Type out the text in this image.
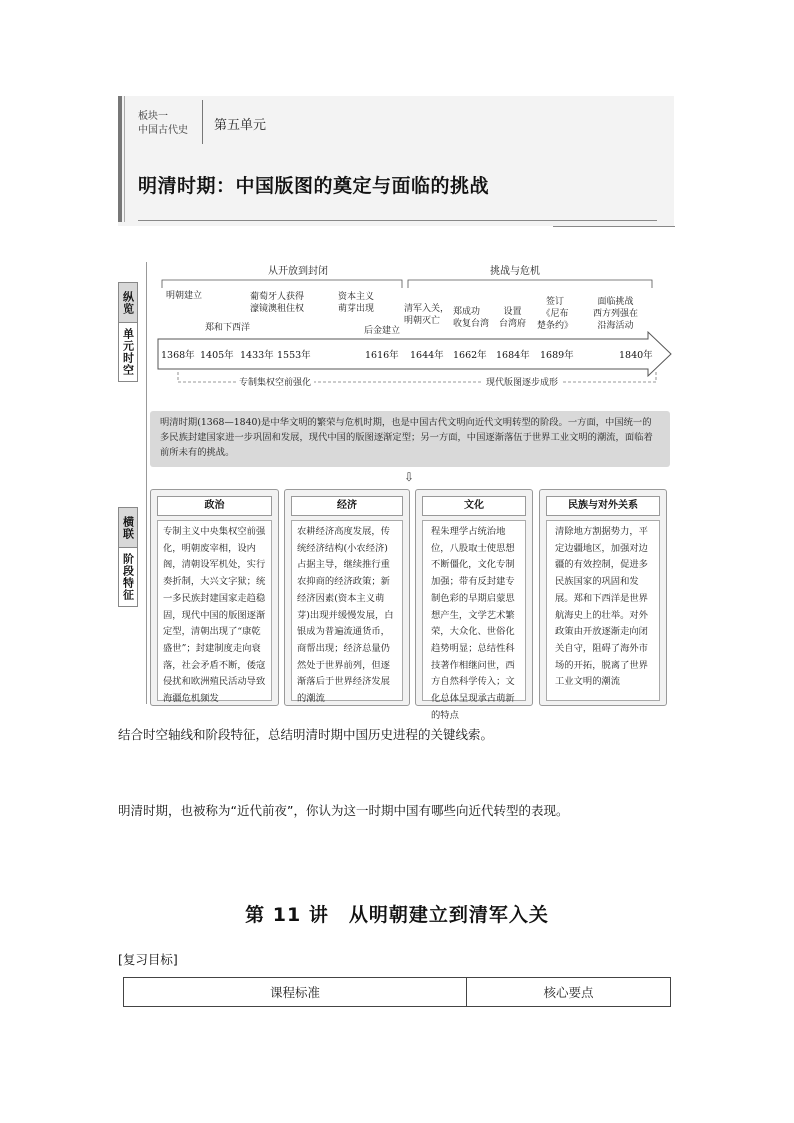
板块一
中国古代史 第五单元
明清时期：中国版图的奠定与面临的挑战
纵览
单元时空
横联
阶段特征
从开放到封闭	挑战与危机
明朝建立
郑和下西洋
葡萄牙人获得
濠镜澳租住权
资本主义
萌芽出现
后金建立
清军入关，
明朝灭亡
郑成功
收复台湾
设置
台湾府
签订
《尼布
楚条约》
面临挑战
西方列强在
沿海活动
1368年 1405年 1433年 1553年	1616年 1644年 1662年 1684年 1689年	1840年
专制集权空前强化	现代版图逐步成形
明清时期(1368—1840)是中华文明的繁荣与危机时期，也是中国古代文明向近代文明转型的阶段。一方面，中国统一的多民族封建国家进一步巩固和发展，现代中国的版图逐渐定型；另一方面，中国逐渐落伍于世界工业文明的潮流，面临着前所未有的挑战。
⇩
政治
专制主义中央集权空前强化，明朝废宰相，设内阁，清朝设军机处，实行奏折制，大兴文字狱；统一多民族封建国家走趋稳固，现代中国的版图逐渐定型，清朝出现了“康乾盛世”；封建制度走向衰落，社会矛盾不断，倭寇侵扰和欧洲殖民活动导致海疆危机频发
经济
农耕经济高度发展，传统经济结构(小农经济)占据主导，继续推行重农抑商的经济政策；新经济因素(资本主义萌芽)出现并缓慢发展，白银成为普遍流通货币，商帮出现；经济总量仍然处于世界前列，但逐渐落后于世界经济发展的潮流
文化
程朱理学占统治地位，八股取士使思想不断僵化，文化专制加强；带有反封建专制色彩的早期启蒙思想产生，文学艺术繁荣，大众化、世俗化趋势明显；总结性科技著作相继问世，西方自然科学传入；文化总体呈现承古萌新的特点
民族与对外关系
清除地方割据势力，平定边疆地区，加强对边疆的有效控制，促进多民族国家的巩固和发展。郑和下西洋是世界航海史上的壮举。对外政策由开放逐渐走向闭关自守，阻碍了海外市场的开拓，脱离了世界工业文明的潮流
结合时空轴线和阶段特征，总结明清时期中国历史进程的关键线索。
明清时期，也被称为“近代前夜”，你认为这一时期中国有哪些向近代转型的表现。
第 11 讲　从明朝建立到清军入关
[复习目标]
课程标准	核心要点
